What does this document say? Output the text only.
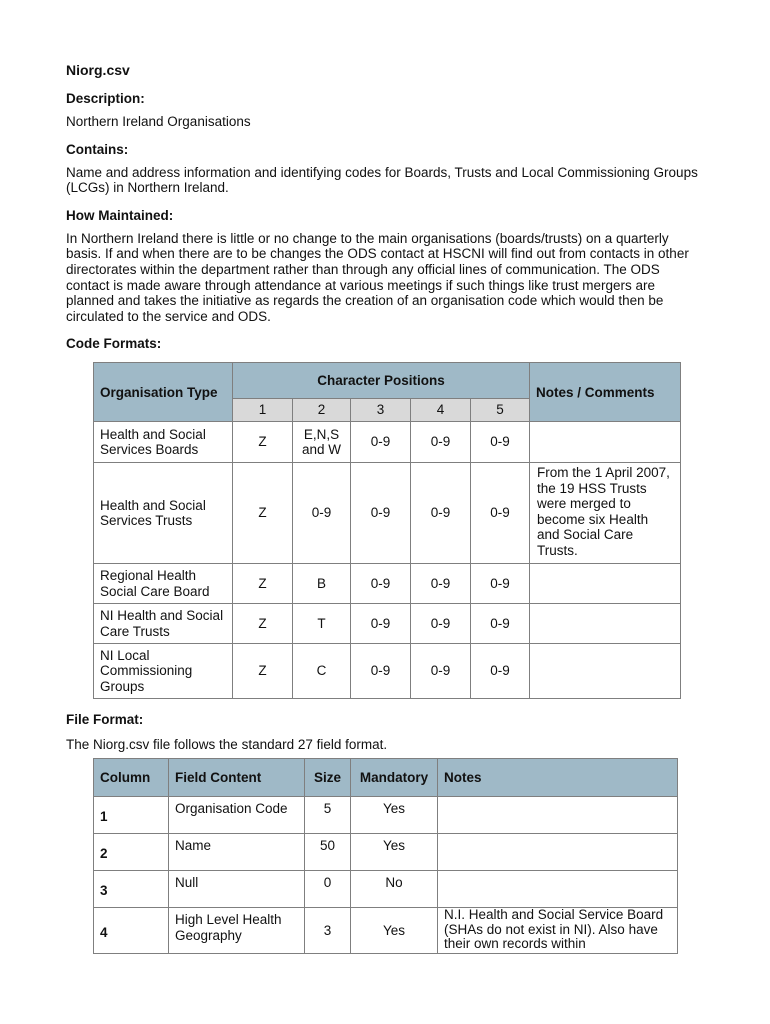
Niorg.csv
Description:
Northern Ireland Organisations
Contains:
Name and address information and identifying codes for Boards, Trusts and Local Commissioning Groups (LCGs) in Northern Ireland.
How Maintained:
In Northern Ireland there is little or no change to the main organisations (boards/trusts) on a quarterly basis. If and when there are to be changes the ODS contact at HSCNI will find out from contacts in other directorates within the department rather than through any official lines of communication. The ODS contact is made aware through attendance at various meetings if such things like trust mergers are planned and takes the initiative as regards the creation of an organisation code which would then be circulated to the service and ODS.
Code Formats:
Organisation Type	Character Positions					Notes / Comments
	1	2	3	4	5	
Health and Social Services Boards	Z	E,N,S and W	0-9	0-9	0-9	
Health and Social Services Trusts	Z	0-9	0-9	0-9	0-9	From the 1 April 2007, the 19 HSS Trusts were merged to become six Health and Social Care Trusts.
Regional Health Social Care Board	Z	B	0-9	0-9	0-9	
NI Health and Social Care Trusts	Z	T	0-9	0-9	0-9	
NI Local Commissioning Groups	Z	C	0-9	0-9	0-9	
File Format:
The Niorg.csv file follows the standard 27 field format.
Column	Field Content	Size	Mandatory	Notes
1	Organisation Code	5	Yes	
2	Name	50	Yes	
3	Null	0	No	
4	High Level Health Geography	3	Yes	N.I. Health and Social Service Board (SHAs do not exist in NI). Also have their own records within
